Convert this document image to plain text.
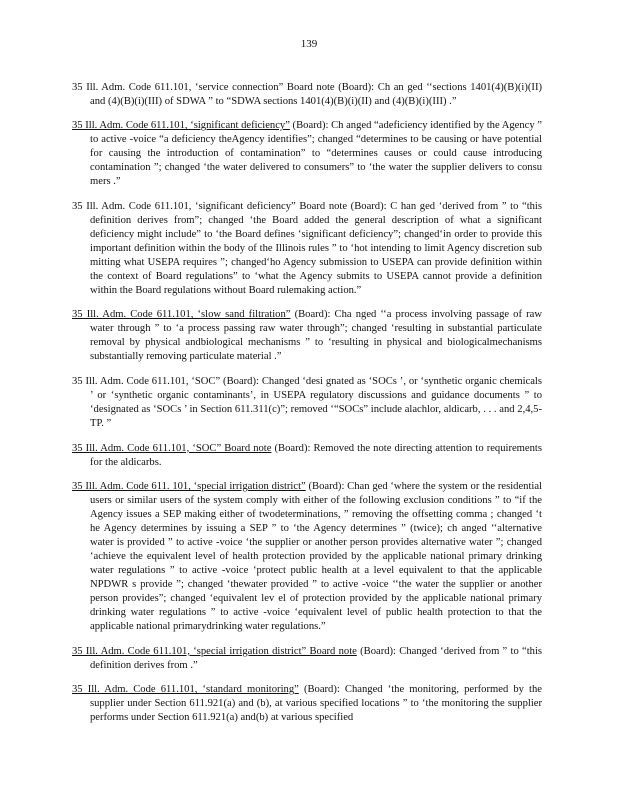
139

35 Ill. Adm. Code 611.101, ‘service connection” Board note (Board): Ch an ged ‘‘sections 1401(4)(B)(i)(II) and (4)(B)(i)(III) of SDWA ” to “SDWA sections 1401(4)(B)(i)(II) and (4)(B)(i)(III) .”

35 Ill. Adm. Code 611.101, ‘significant deficiency” (Board): Ch anged “adeficiency identified by the Agency ” to active -voice “a deficiency theAgency identifies”; changed “determines to be causing or have potential for causing the introduction of contamination” to “determines causes or could cause introducing contamination ”; changed ‘the water delivered to consumers” to ‘the water the supplier delivers to consu mers .”

35 Ill. Adm. Code 611.101, ‘significant deficiency” Board note (Board): C han ged ‘derived from ” to “this definition derives from”; changed ‘the Board added the general description of what a significant deficiency might include” to ‘the Board defines ‘significant deficiency”; changed‘in order to provide this important definition within the body of the Illinois rules ” to ‘hot intending to limit Agency discretion sub mitting what USEPA requires ”; changed‘ho Agency submission to USEPA can provide definition within the context of Board regulations” to ‘what the Agency submits to USEPA cannot provide a definition within the Board regulations without Board rulemaking action.”

35 Ill. Adm. Code 611.101, ‘slow sand filtration” (Board): Cha nged ‘‘a process involving passage of raw water through ” to ‘a process passing raw water through”; changed ‘resulting in substantial particulate removal by physical andbiological mechanisms ” to ‘resulting in physical and biologicalmechanisms substantially removing particulate material .”

35 Ill. Adm. Code 611.101, ‘SOC” (Board): Changed ‘desi gnated as ‘SOCs ’, or ‘synthetic organic chemicals ’ or ‘synthetic organic contaminants’, in USEPA regulatory discussions and guidance documents ” to ‘designated as ‘SOCs ’ in Section 611.311(c)”; removed ‘“SOCs” include alachlor, aldicarb, . . . and 2,4,5- TP. ”

35 Ill. Adm. Code 611.101, ‘SOC” Board note (Board): Removed the note directing attention to requirements for the aldicarbs.

35 Ill. Adm. Code 611. 101, ‘special irrigation district” (Board): Chan ged ‘where the system or the residential users or similar users of the system comply with either of the following exclusion conditions ” to “if the Agency issues a SEP making either of twodeterminations, ” removing the offsetting comma ; changed ‘t he Agency determines by issuing a SEP ” to ‘the Agency determines ” (twice); ch anged ‘‘alternative water is provided ” to active -voice ‘the supplier or another person provides alternative water ”; changed ‘achieve the equivalent level of health protection provided by the applicable national primary drinking water regulations ” to active -voice ‘protect public health at a level equivalent to that the applicable NPDWR s provide ”; changed ‘thewater provided ” to active -voice ‘‘the water the supplier or another person provides”; changed ‘equivalent lev el of protection provided by the applicable national primary drinking water regulations ” to active -voice ‘equivalent level of public health protection to that the applicable national primarydrinking water regulations.”

35 Ill. Adm. Code 611.101, ‘special irrigation district” Board note (Board): Changed ‘derived from ” to “this definition derives from .”

35 Ill. Adm. Code 611.101, ‘standard monitoring” (Board): Changed ‘the monitoring, performed by the supplier under Section 611.921(a) and (b), at various specified locations ” to ‘the monitoring the supplier performs under Section 611.921(a) and(b) at various specified
